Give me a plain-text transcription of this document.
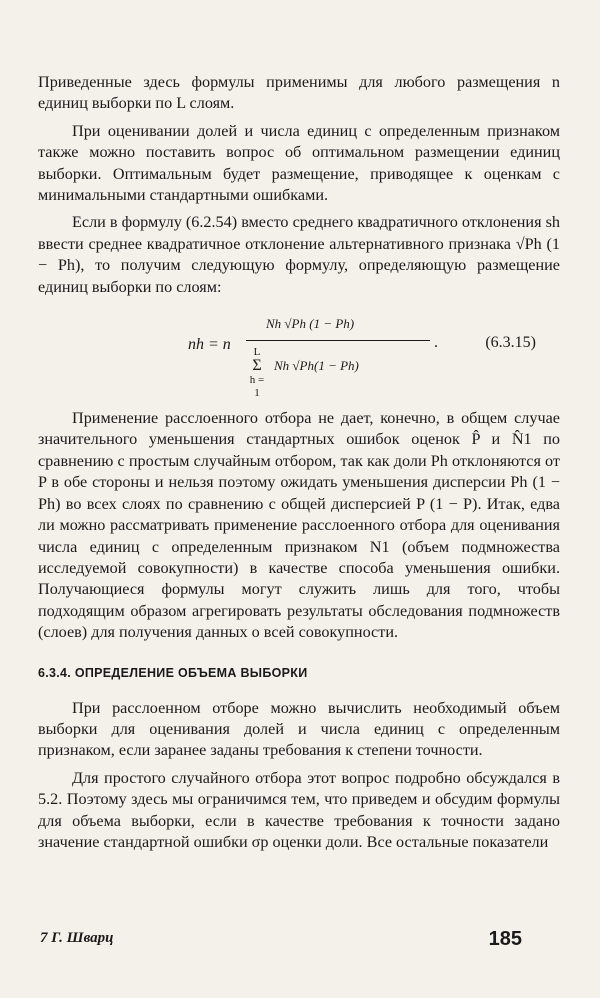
Приведенные здесь формулы применимы для любого размещения n единиц выборки по L слоям.

При оценивании долей и числа единиц с определенным признаком также можно поставить вопрос об оптимальном размещении единиц выборки. Оптимальным будет размещение, приводящее к оценкам с минимальными стандартными ошибками.

Если в формулу (6.2.54) вместо среднего квадратичного отклонения sh ввести среднее квадратичное отклонение альтернативного признака √Ph (1 − Ph), то получим следующую формулу, определяющую размещение единиц выборки по слоям:

nh = n
Nh √Ph (1 − Ph)
L
Σ
h = 1
Nh √Ph(1 − Ph)
.	(6.3.15)

Применение расслоенного отбора не дает, конечно, в общем случае значительного уменьшения стандартных ошибок оценок P̂ и N̂1 по сравнению с простым случайным отбором, так как доли Ph отклоняются от P в обе стороны и нельзя поэтому ожидать уменьшения дисперсии Ph (1 − Ph) во всех слоях по сравнению с общей дисперсией P (1 − P). Итак, едва ли можно рассматривать применение расслоенного отбора для оценивания числа единиц с определенным признаком N1 (объем подмножества исследуемой совокупности) в качестве способа уменьшения ошибки. Получающиеся формулы могут служить лишь для того, чтобы подходящим образом агрегировать результаты обследования подмножеств (слоев) для получения данных о всей совокупности.

6.3.4. ОПРЕДЕЛЕНИЕ ОБЪЕМА ВЫБОРКИ

При расслоенном отборе можно вычислить необходимый объем выборки для оценивания долей и числа единиц с определенным признаком, если заранее заданы требования к степени точности.

Для простого случайного отбора этот вопрос подробно обсуждался в 5.2. Поэтому здесь мы ограничимся тем, что приведем и обсудим формулы для объема выборки, если в качестве требования к точности задано значение стандартной ошибки σp оценки доли. Все остальные показатели

7 Г. Шварц	185
